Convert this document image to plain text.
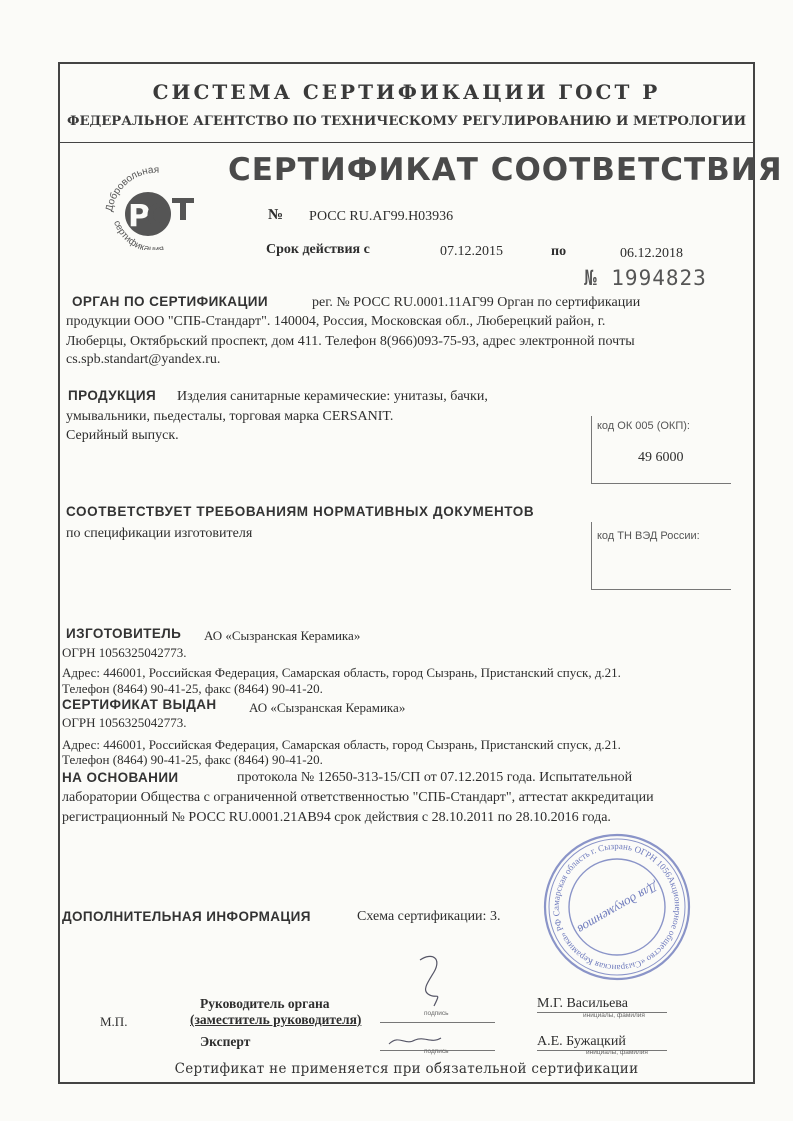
СИСТЕМА СЕРТИФИКАЦИИ ГОСТ Р
ФЕДЕРАЛЬНОЕ АГЕНТСТВО ПО ТЕХНИЧЕСКОМУ РЕГУЛИРОВАНИЮ И МЕТРОЛОГИИ
Добровольная
сертификация
Р
С
СЕРТИФИКАТ СООТВЕТСТВИЯ
№ РОСС RU.АГ99.Н03936
Срок действия с	07.12.2015	по	06.12.2018
№ 1994823
ОРГАН ПО СЕРТИФИКАЦИИ	рег. № РОСС RU.0001.11АГ99 Орган по сертификации
продукции ООО "СПБ-Стандарт". 140004, Россия, Московская обл., Люберецкий район, г.
Люберцы, Октябрьский проспект, дом 411. Телефон 8(966)093-75-93, адрес электронной почты
cs.spb.standart@yandex.ru.
ПРОДУКЦИЯ Изделия санитарные керамические: унитазы, бачки,
умывальники, пьедесталы, торговая марка CERSANIT.
Серийный выпуск.
код ОК 005 (ОКП):
49 6000
СООТВЕТСТВУЕТ ТРЕБОВАНИЯМ НОРМАТИВНЫХ ДОКУМЕНТОВ
по спецификации изготовителя	код ТН ВЭД России:
ИЗГОТОВИТЕЛЬ АО «Сызранская Керамика»
ОГРН 1056325042773.
Адрес: 446001, Российская Федерация, Самарская область, город Сызрань, Пристанский спуск, д.21.
Телефон (8464) 90-41-25, факс (8464) 90-41-20.
СЕРТИФИКАТ ВЫДАН АО «Сызранская Керамика»
ОГРН 1056325042773.
Адрес: 446001, Российская Федерация, Самарская область, город Сызрань, Пристанский спуск, д.21.
Телефон (8464) 90-41-25, факс (8464) 90-41-20.
НА ОСНОВАНИИ	протокола № 12650-313-15/СП от 07.12.2015 года. Испытательной
лаборатории Общества с ограниченной ответственностью "СПБ-Стандарт", аттестат аккредитации
регистрационный № РОСС RU.0001.21АВ94 срок действия с 28.10.2011 по 28.10.2016 года.
ДОПОЛНИТЕЛЬНАЯ ИНФОРМАЦИЯ	Схема сертификации: 3.
Акционерное общество «Сызранская Керамика» РФ Самарская область г. Сызрань ОГРН 1056325042773
Для документов
М.П.
Руководитель органа
(заместитель руководителя)	подпись
М.Г. Васильева
инициалы, фамилия
Эксперт
подпись
А.Е. Бужацкий
инициалы, фамилия
Сертификат не применяется при обязательной сертификации
